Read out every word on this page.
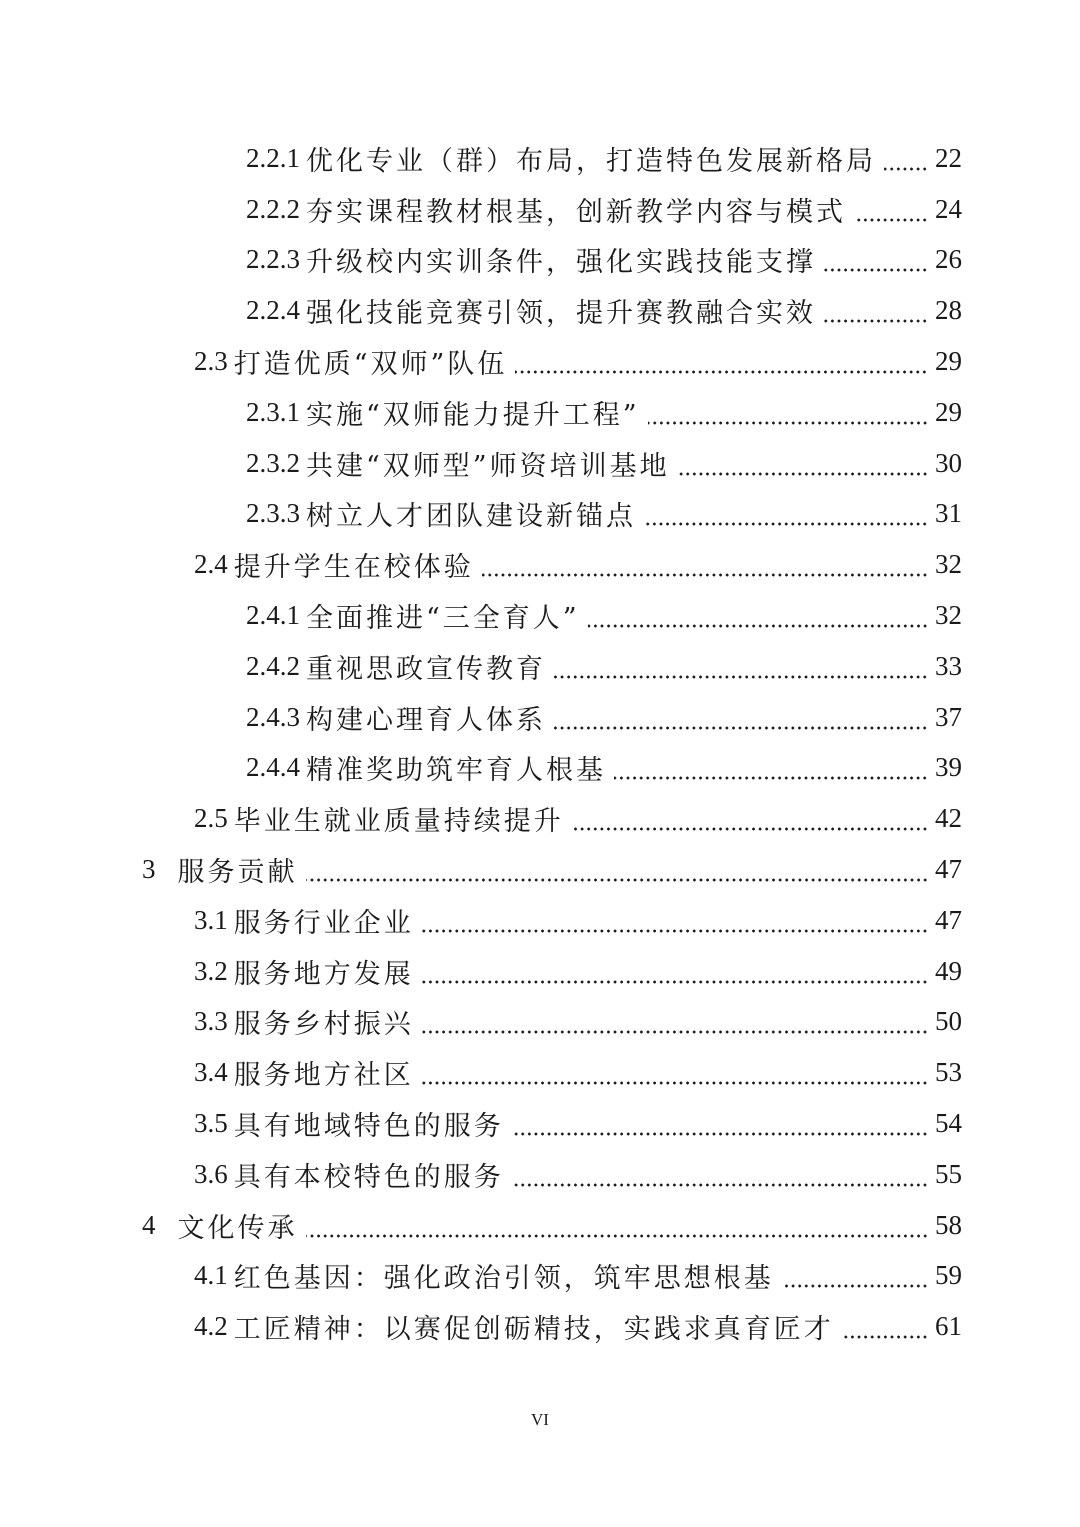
2.2.1 优化专业（群）布局，打造特色发展新格局 22
2.2.2 夯实课程教材根基，创新教学内容与模式	24
2.2.3 升级校内实训条件，强化实践技能支撑	26
2.2.4 强化技能竞赛引领，提升赛教融合实效	28
2.3 打造优质“双师”队伍	29
2.3.1 实施“双师能力提升工程”	29
2.3.2 共建“双师型”师资培训基地	30
2.3.3 树立人才团队建设新锚点	31
2.4 提升学生在校体验	32
2.4.1 全面推进“三全育人”	32
2.4.2 重视思政宣传教育	33
2.4.3 构建心理育人体系	37
2.4.4 精准奖助筑牢育人根基	39
2.5 毕业生就业质量持续提升	42
3 服务贡献	47
3.1 服务行业企业	47
3.2 服务地方发展	49
3.3 服务乡村振兴	50
3.4 服务地方社区	53
3.5 具有地域特色的服务	54
3.6 具有本校特色的服务	55
4 文化传承	58
4.1 红色基因：强化政治引领，筑牢思想根基	59
4.2 工匠精神：以赛促创砺精技，实践求真育匠才	61
VI
